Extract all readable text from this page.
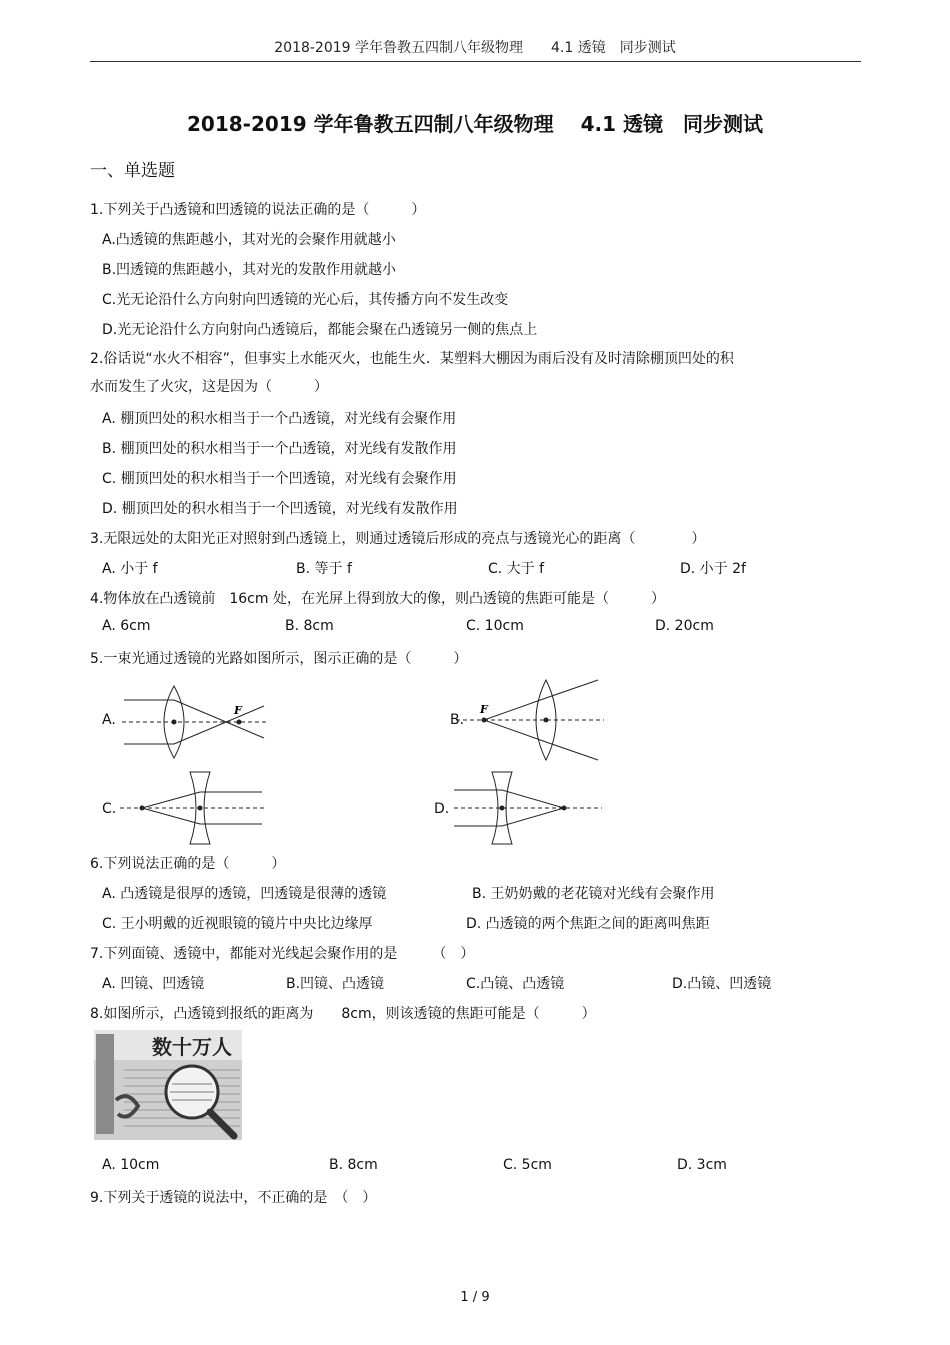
2018-2019 学年鲁教五四制八年级物理　　4.1 透镜　同步测试
2018-2019 学年鲁教五四制八年级物理　 4.1 透镜　同步测试
一、单选题
1.下列关于凸透镜和凹透镜的说法正确的是（　　　）
A.凸透镜的焦距越小，其对光的会聚作用就越小
B.凹透镜的焦距越小，其对光的发散作用就越小
C.光无论沿什么方向射向凹透镜的光心后，其传播方向不发生改变
D.光无论沿什么方向射向凸透镜后，都能会聚在凸透镜另一侧的焦点上
2.俗话说“水火不相容”，但事实上水能灭火，也能生火．某塑料大棚因为雨后没有及时清除棚顶凹处的积
水而发生了火灾，这是因为（　　　）
A. 棚顶凹处的积水相当于一个凸透镜，对光线有会聚作用
B. 棚顶凹处的积水相当于一个凸透镜，对光线有发散作用
C. 棚顶凹处的积水相当于一个凹透镜，对光线有会聚作用
D. 棚顶凹处的积水相当于一个凹透镜，对光线有发散作用
3.无限远处的太阳光正对照射到凸透镜上，则通过透镜后形成的亮点与透镜光心的距离（　　　　）
A. 小于 f	B. 等于 f	C. 大于 f	D. 小于 2f
4.物体放在凸透镜前　16cm 处，在光屏上得到放大的像，则凸透镜的焦距可能是（　　　）
A. 6cm	B. 8cm	C. 10cm	D. 20cm
5.一束光通过透镜的光路如图所示，图示正确的是（　　　）
A.
F
B.
F
C.	D.
6.下列说法正确的是（　　　）
A. 凸透镜是很厚的透镜，凹透镜是很薄的透镜	B. 王奶奶戴的老花镜对光线有会聚作用
C. 王小明戴的近视眼镜的镜片中央比边缘厚	D. 凸透镜的两个焦距之间的距离叫焦距
7.下列面镜、透镜中，都能对光线起会聚作用的是　　　（　）
A. 凹镜、凹透镜	B.凹镜、凸透镜	C.凸镜、凸透镜	D.凸镜、凹透镜
8.如图所示，凸透镜到报纸的距离为　　8cm，则该透镜的焦距可能是（　　　）
数十万人
A. 10cm	B. 8cm	C. 5cm	D. 3cm
9.下列关于透镜的说法中，不正确的是　（　）
1 / 9
